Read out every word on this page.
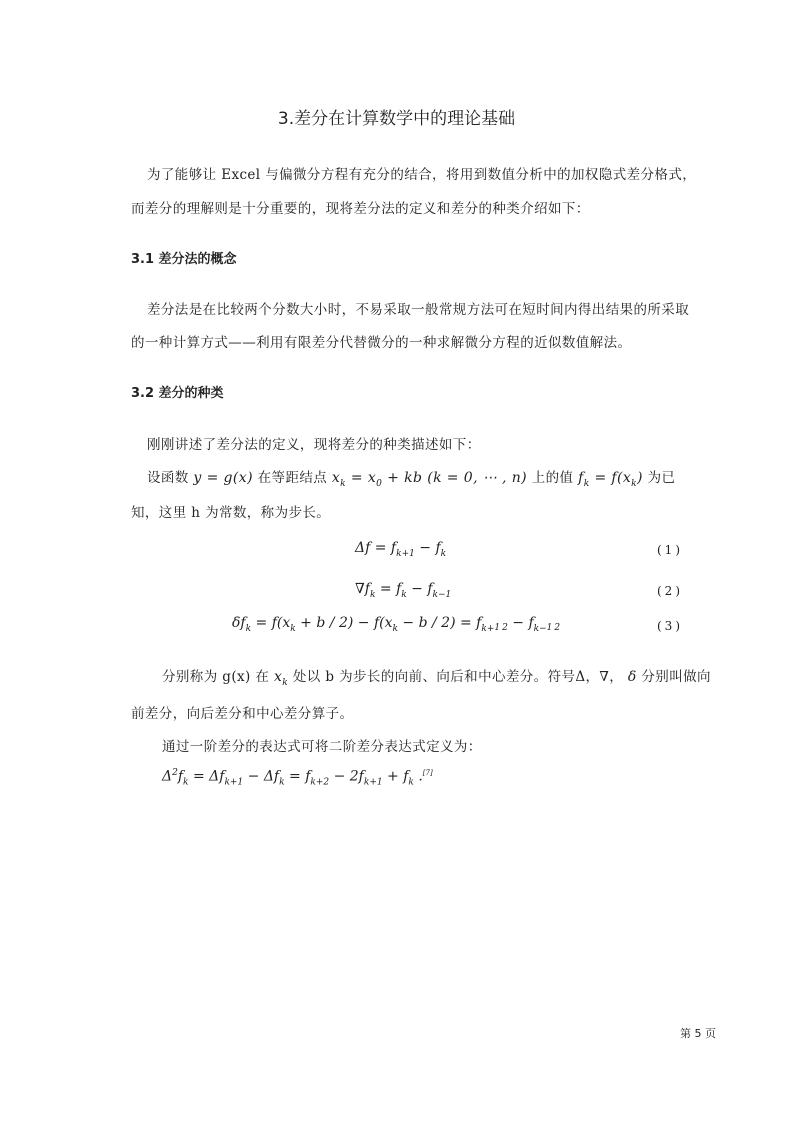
3.差分在计算数学中的理论基础
为了能够让 Excel 与偏微分方程有充分的结合，将用到数值分析中的加权隐式差分格式，
而差分的理解则是十分重要的，现将差分法的定义和差分的种类介绍如下：
3.1 差分法的概念
差分法是在比较两个分数大小时，不易采取一般常规方法可在短时间内得出结果的所采取
的一种计算方式——利用有限差分代替微分的一种求解微分方程的近似数值解法。
3.2 差分的种类
刚刚讲述了差分法的定义，现将差分的种类描述如下：
设函数 y = g(x) 在等距结点 $x_k = x_0$ + kb (k = 0, ⋯ , n) 上的值 $f_k = f(x_k)$ 为已
知，这里 h 为常数，称为步长。
$\Delta f = f_{k+1} - f_k$	(1)
$\nabla f_k = f_k - f_{k-1}$	(2)
$\delta f_k = f(x_k + b / 2) - f(x_k - b / 2) = f_{k+1 2} - f_{k-1 2}$	(3)
分别称为 g(x) 在 $x_k$ 处以 b 为步长的向前、向后和中心差分。符号Δ，∇， δ 分别叫做向
前差分，向后差分和中心差分算子。
通过一阶差分的表达式可将二阶差分表达式定义为：
$\Delta^2f_k = \Delta f_{k+1} - \Delta f_k = f_{k+2} - 2f_{k+1} + f_k$ .[7]
第 5 页
